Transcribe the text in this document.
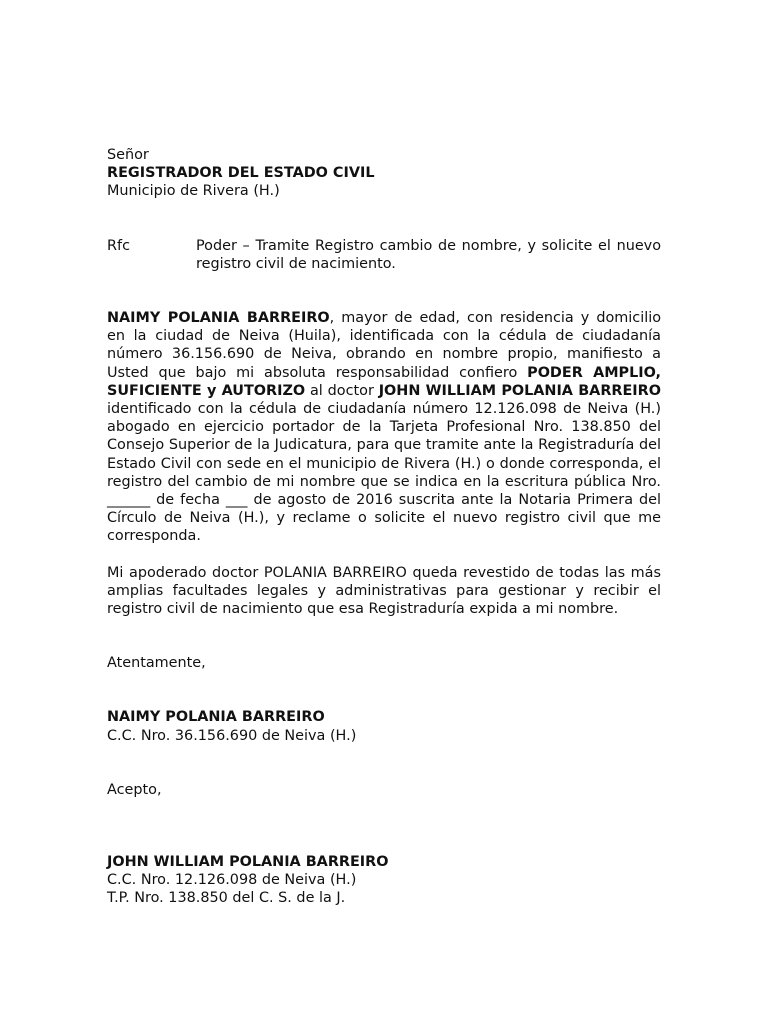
Señor
REGISTRADOR DEL ESTADO CIVIL
Municipio de Rivera (H.)
Rfc	Poder – Tramite Registro cambio de nombre, y solicite el nuevo registro civil de nacimiento.

NAIMY POLANIA BARREIRO, mayor de edad, con residencia y domicilio en la ciudad de Neiva (Huila), identificada con la cédula de ciudadanía número 36.156.690 de Neiva, obrando en nombre propio, manifiesto a Usted que bajo mi absoluta responsabilidad confiero PODER AMPLIO, SUFICIENTE y AUTORIZO al doctor JOHN WILLIAM POLANIA BARREIRO identificado con la cédula de ciudadanía número 12.126.098 de Neiva (H.) abogado en ejercicio portador de la Tarjeta Profesional Nro. 138.850 del Consejo Superior de la Judicatura, para que tramite ante la Registraduría del Estado Civil con sede en el municipio de Rivera (H.) o donde corresponda, el registro del cambio de mi nombre que se indica en la escritura pública Nro. ______ de fecha ___ de agosto de 2016 suscrita ante la Notaria Primera del Círculo de Neiva (H.), y reclame o solicite el nuevo registro civil que me corresponda.

Mi apoderado doctor POLANIA BARREIRO queda revestido de todas las más amplias facultades legales y administrativas para gestionar y recibir el registro civil de nacimiento que esa Registraduría expida a mi nombre.

Atentamente,
NAIMY POLANIA BARREIRO
C.C. Nro. 36.156.690 de Neiva (H.)
Acepto,
JOHN WILLIAM POLANIA BARREIRO
C.C. Nro. 12.126.098 de Neiva (H.)
T.P. Nro. 138.850 del C. S. de la J.
